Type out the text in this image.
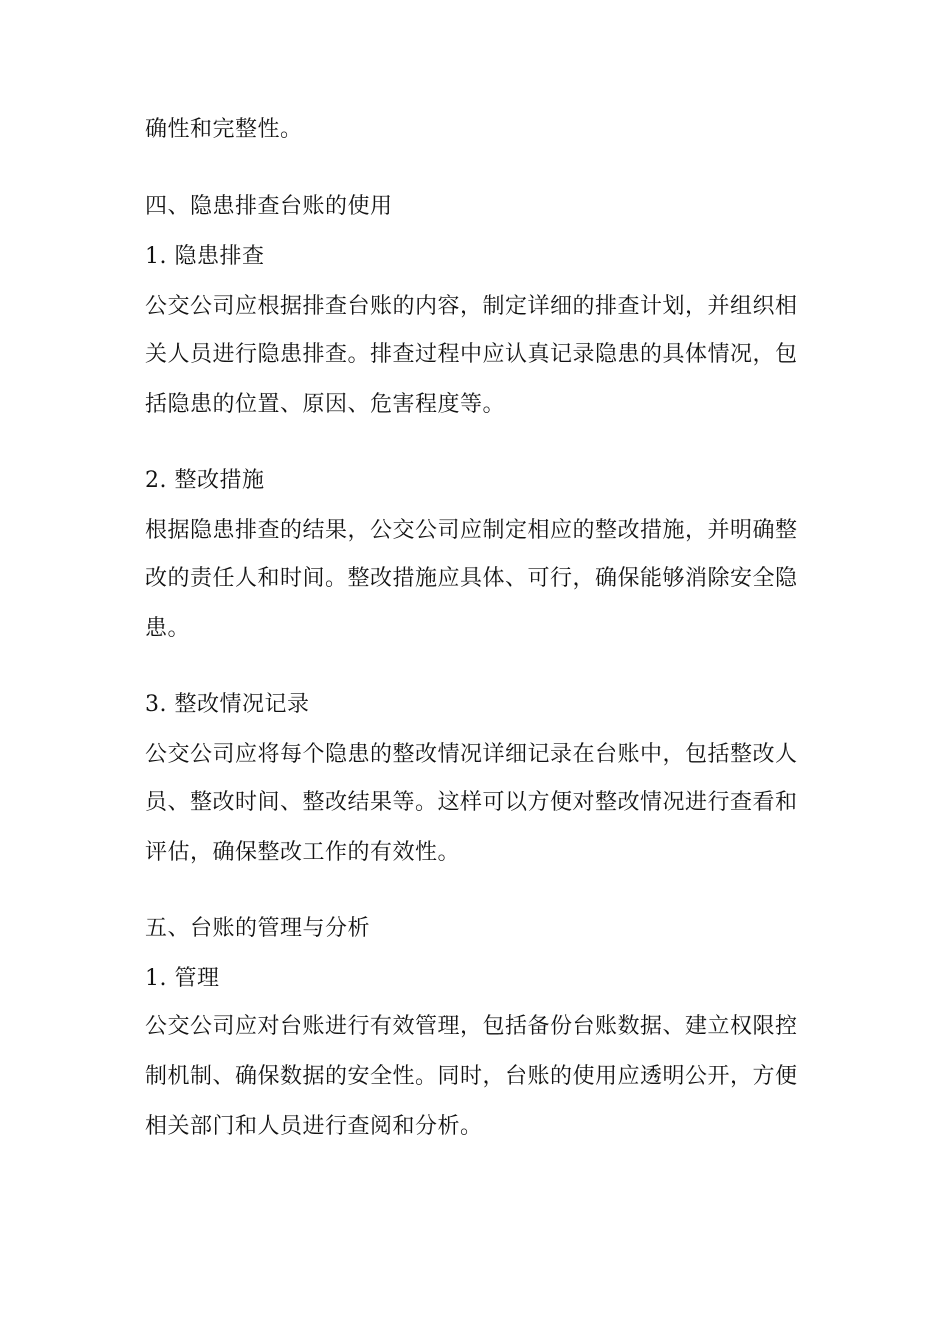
确性和完整性。
四、隐患排查台账的使用
1. 隐患排查
公交公司应根据排查台账的内容，制定详细的排查计划，并组织相
关人员进行隐患排查。排查过程中应认真记录隐患的具体情况，包
括隐患的位置、原因、危害程度等。
2. 整改措施
根据隐患排查的结果，公交公司应制定相应的整改措施，并明确整
改的责任人和时间。整改措施应具体、可行，确保能够消除安全隐
患。
3. 整改情况记录
公交公司应将每个隐患的整改情况详细记录在台账中，包括整改人
员、整改时间、整改结果等。这样可以方便对整改情况进行查看和
评估，确保整改工作的有效性。
五、台账的管理与分析
1. 管理
公交公司应对台账进行有效管理，包括备份台账数据、建立权限控
制机制、确保数据的安全性。同时，台账的使用应透明公开，方便
相关部门和人员进行查阅和分析。
